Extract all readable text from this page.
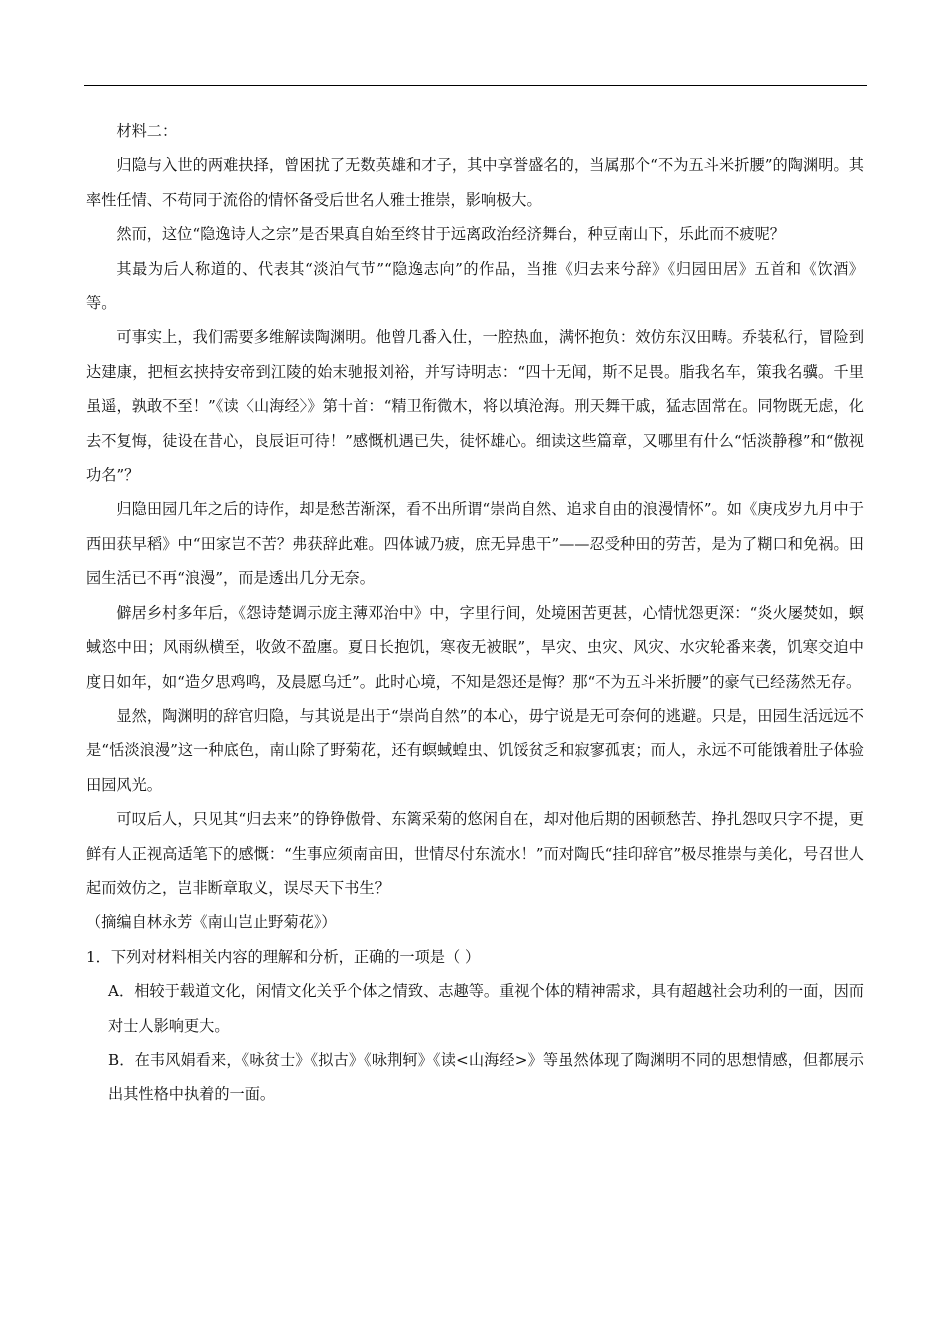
材料二：

归隐与入世的两难抉择，曾困扰了无数英雄和才子，其中享誉盛名的，当属那个“不为五斗米折腰”的陶渊明。其率性任情、不苟同于流俗的情怀备受后世名人雅士推崇，影响极大。

然而，这位“隐逸诗人之宗”是否果真自始至终甘于远离政治经济舞台，种豆南山下，乐此而不疲呢？

其最为后人称道的、代表其“淡泊气节”“隐逸志向”的作品，当推《归去来兮辞》《归园田居》五首和《饮酒》等。

可事实上，我们需要多维解读陶渊明。他曾几番入仕，一腔热血，满怀抱负：效仿东汉田畴。乔装私行，冒险到达建康，把桓玄挟持安帝到江陵的始末驰报刘裕，并写诗明志：“四十无闻，斯不足畏。脂我名车，策我名骥。千里虽遥，孰敢不至！”《读〈山海经〉》第十首：“精卫衔微木，将以填沧海。刑天舞干戚，猛志固常在。同物既无虑，化去不复悔，徒设在昔心，良辰讵可待！”感慨机遇已失，徒怀雄心。细读这些篇章，又哪里有什么“恬淡静穆”和“傲视功名”？

归隐田园几年之后的诗作，却是愁苦渐深，看不出所谓“崇尚自然、追求自由的浪漫情怀”。如《庚戌岁九月中于西田获早稻》中“田家岂不苦？弗获辞此难。四体诚乃疲，庶无异患干”——忍受种田的劳苦，是为了糊口和免祸。田园生活已不再“浪漫”，而是透出几分无奈。

僻居乡村多年后，《怨诗楚调示庞主薄邓治中》中，字里行间，处境困苦更甚，心情忧怨更深：“炎火屡焚如，螟蜮恣中田；风雨纵横至，收敛不盈廛。夏日长抱饥，寒夜无被眠”，旱灾、虫灾、风灾、水灾轮番来袭，饥寒交迫中度日如年，如“造夕思鸡鸣，及晨愿乌迁”。此时心境，不知是怨还是悔？那“不为五斗米折腰”的豪气已经荡然无存。

显然，陶渊明的辞官归隐，与其说是出于“崇尚自然”的本心，毋宁说是无可奈何的逃避。只是，田园生活远远不是“恬淡浪漫”这一种底色，南山除了野菊花，还有螟蜮蝗虫、饥馁贫乏和寂寥孤衷；而人，永远不可能饿着肚子体验田园风光。

可叹后人，只见其“归去来”的铮铮傲骨、东篱采菊的悠闲自在，却对他后期的困顿愁苦、挣扎怨叹只字不提，更鲜有人正视高适笔下的感慨：“生事应须南亩田，世情尽付东流水！”而对陶氏“挂印辞官”极尽推崇与美化，号召世人起而效仿之，岂非断章取义，误尽天下书生？

（摘编自林永芳《南山岂止野菊花》）

1．下列对材料相关内容的理解和分析，正确的一项是（ ）

A．相较于载道文化，闲情文化关乎个体之情致、志趣等。重视个体的精神需求，具有超越社会功利的一面，因而对士人影响更大。

B．在韦风娟看来，《咏贫士》《拟古》《咏荆轲》《读<山海经>》等虽然体现了陶渊明不同的思想情感，但都展示出其性格中执着的一面。
